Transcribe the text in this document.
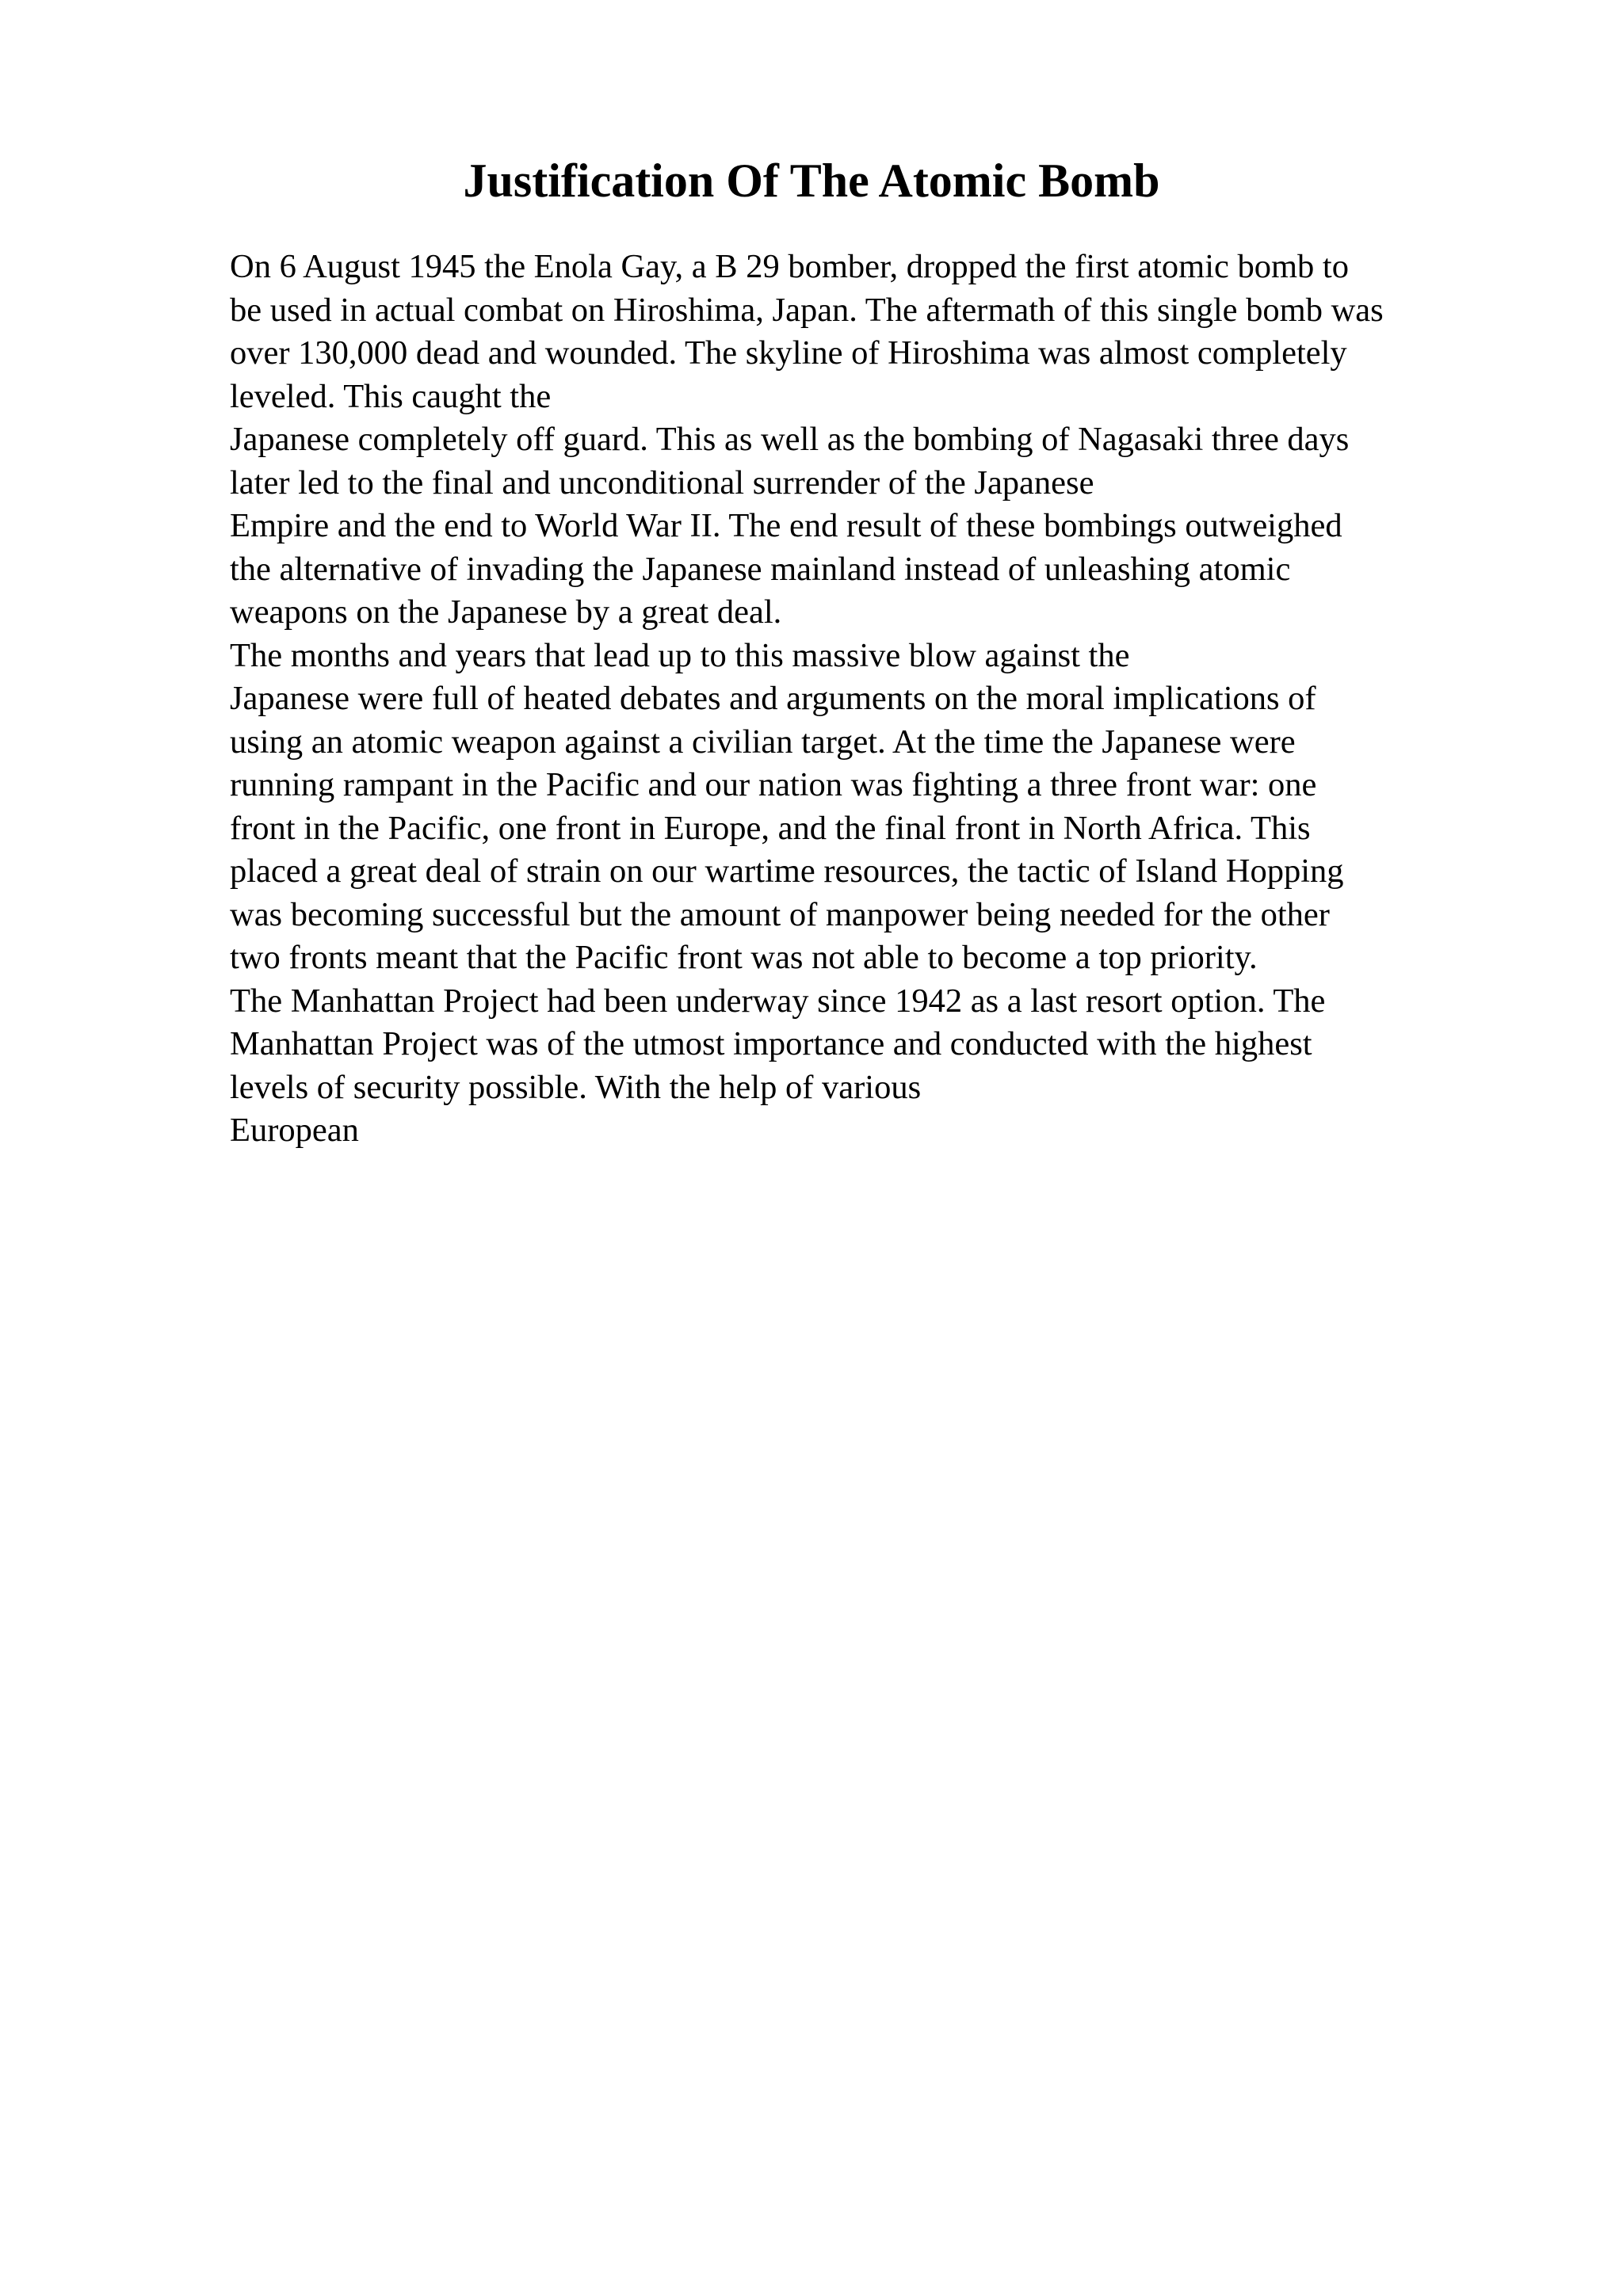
Justification Of The Atomic Bomb
On 6 August 1945 the Enola Gay, a B 29 bomber, dropped the first atomic bomb to
be used in actual combat on Hiroshima, Japan. The aftermath of this single bomb was
over 130,000 dead and wounded. The skyline of Hiroshima was almost completely
leveled. This caught the
Japanese completely off guard. This as well as the bombing of Nagasaki three days
later led to the final and unconditional surrender of the Japanese
Empire and the end to World War II. The end result of these bombings outweighed
the alternative of invading the Japanese mainland instead of unleashing atomic
weapons on the Japanese by a great deal.
The months and years that lead up to this massive blow against the
Japanese were full of heated debates and arguments on the moral implications of
using an atomic weapon against a civilian target. At the time the Japanese were
running rampant in the Pacific and our nation was fighting a three front war: one
front in the Pacific, one front in Europe, and the final front in North Africa. This
placed a great deal of strain on our wartime resources, the tactic of Island Hopping
was becoming successful but the amount of manpower being needed for the other
two fronts meant that the Pacific front was not able to become a top priority.
The Manhattan Project had been underway since 1942 as a last resort option. The
Manhattan Project was of the utmost importance and conducted with the highest
levels of security possible. With the help of various
European
